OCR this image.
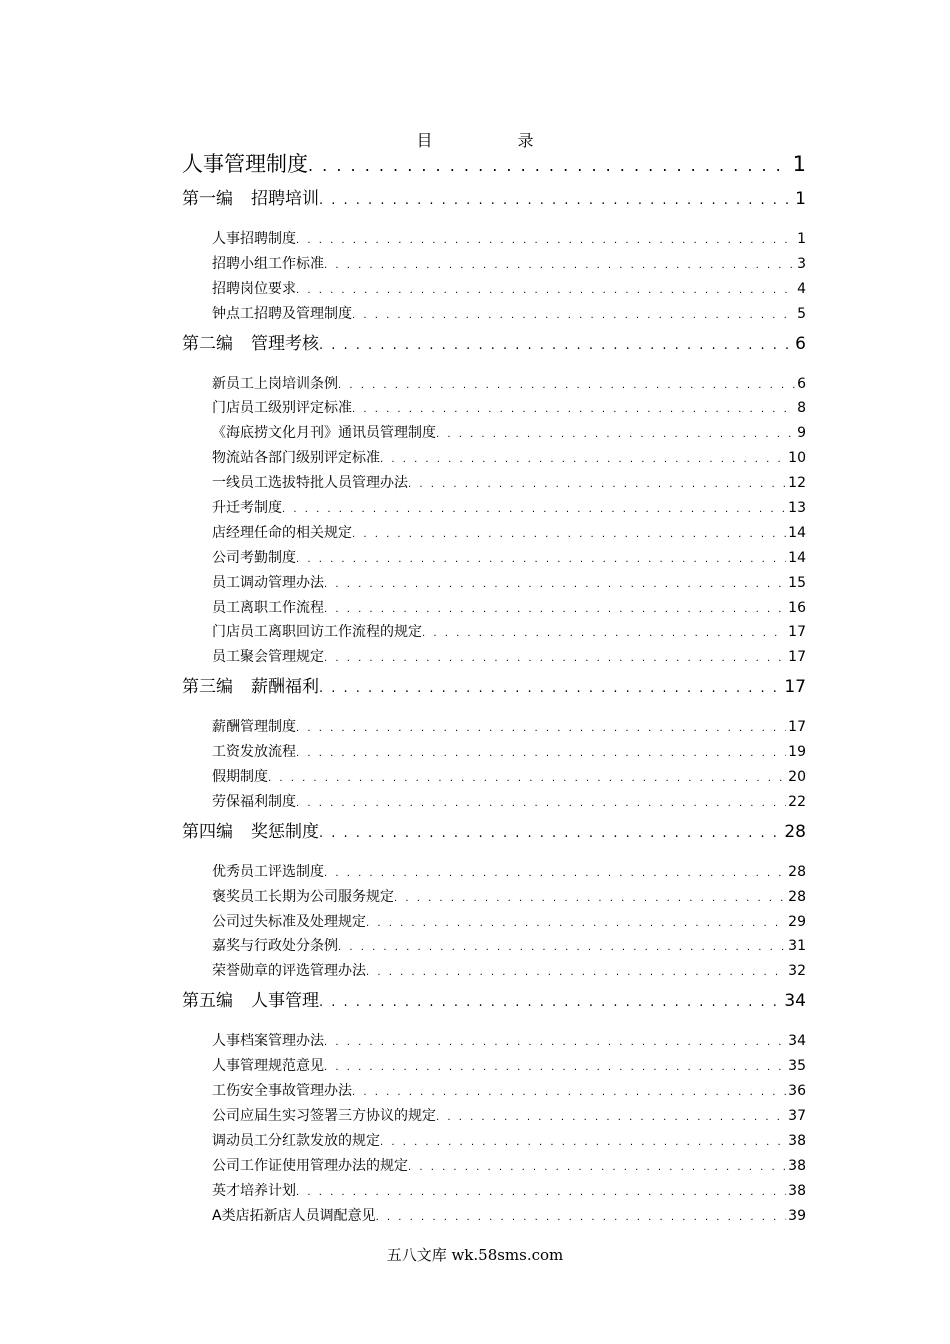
目 录
人事管理制度 . . .	1
第一编 招聘培训 . . .	1
人事招聘制度 . . .	1
招聘小组工作标准 . . .	3
招聘岗位要求 . . .	4
钟点工招聘及管理制度 . . .	5
第二编 管理考核 . . .	6
新员工上岗培训条例 . . .	6
门店员工级别评定标准 . . .	8
《海底捞文化月刊》通讯员管理制度 . . .	9
物流站各部门级别评定标准 . . .	10
一线员工选拔特批人员管理办法 . . .	12
升迁考制度 . . .	13
店经理任命的相关规定 . . .	14
公司考勤制度 . . .	14
员工调动管理办法 . . .	15
员工离职工作流程 . . .	16
门店员工离职回访工作流程的规定 . . .	17
员工聚会管理规定 . . .	17
第三编 薪酬福利 . . .	17
薪酬管理制度 . . .	17
工资发放流程 . . .	19
假期制度 . . .	20
劳保福利制度 . . .	22
第四编 奖惩制度 . . .	28
优秀员工评选制度 . . .	28
褒奖员工长期为公司服务规定 . . .	28
公司过失标准及处理规定 . . .	29
嘉奖与行政处分条例 . . .	31
荣誉勋章的评选管理办法 . . .	32
第五编 人事管理 . . .	34
人事档案管理办法 . . .	34
人事管理规范意见 . . .	35
工伤安全事故管理办法 . . .	36
公司应届生实习签署三方协议的规定 . . .	37
调动员工分红款发放的规定 . . .	38
公司工作证使用管理办法的规定 . . .	38
英才培养计划 . . .	38
A类店拓新店人员调配意见 . . .	39
五八文库 wk.58sms.com
